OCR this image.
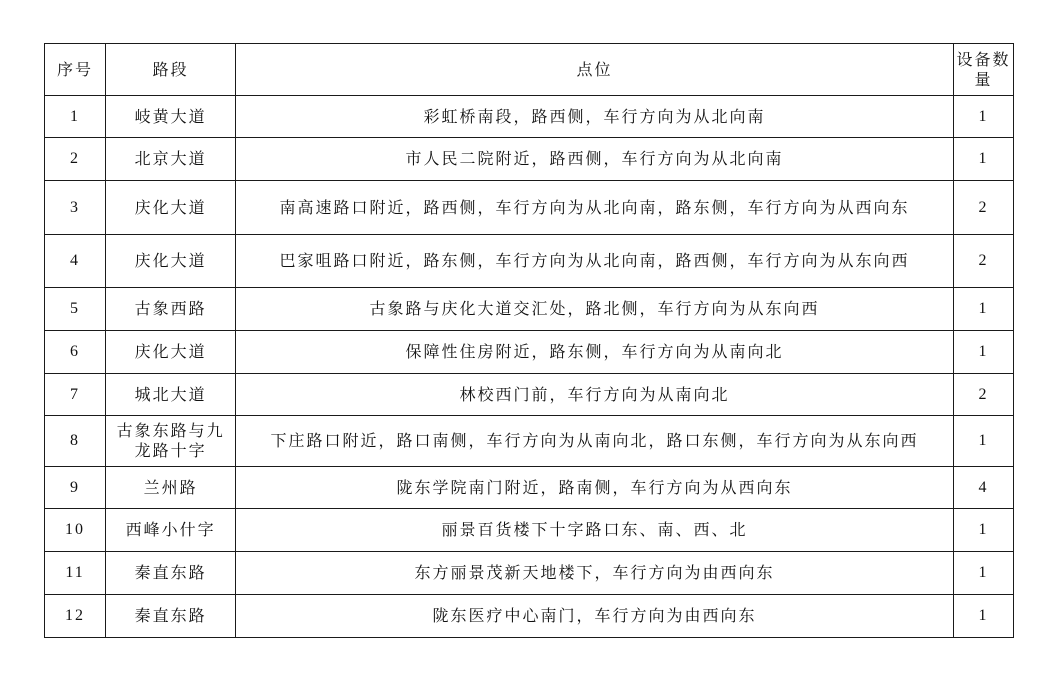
序号	路段	点位	设备数量
1	岐黄大道	彩虹桥南段，路西侧，车行方向为从北向南	1
2	北京大道	市人民二院附近，路西侧，车行方向为从北向南	1
3	庆化大道	南高速路口附近，路西侧，车行方向为从北向南，路东侧，车行方向为从西向东	2
4	庆化大道	巴家咀路口附近，路东侧，车行方向为从北向南，路西侧，车行方向为从东向西	2
5	古象西路	古象路与庆化大道交汇处，路北侧，车行方向为从东向西	1
6	庆化大道	保障性住房附近，路东侧，车行方向为从南向北	1
7	城北大道	林校西门前，车行方向为从南向北	2
8	古象东路与九龙路十字	下庄路口附近，路口南侧，车行方向为从南向北，路口东侧，车行方向为从东向西	1
9	兰州路	陇东学院南门附近，路南侧，车行方向为从西向东	4
10	西峰小什字	丽景百货楼下十字路口东、南、西、北	1
11	秦直东路	东方丽景茂新天地楼下，车行方向为由西向东	1
12	秦直东路	陇东医疗中心南门，车行方向为由西向东	1
